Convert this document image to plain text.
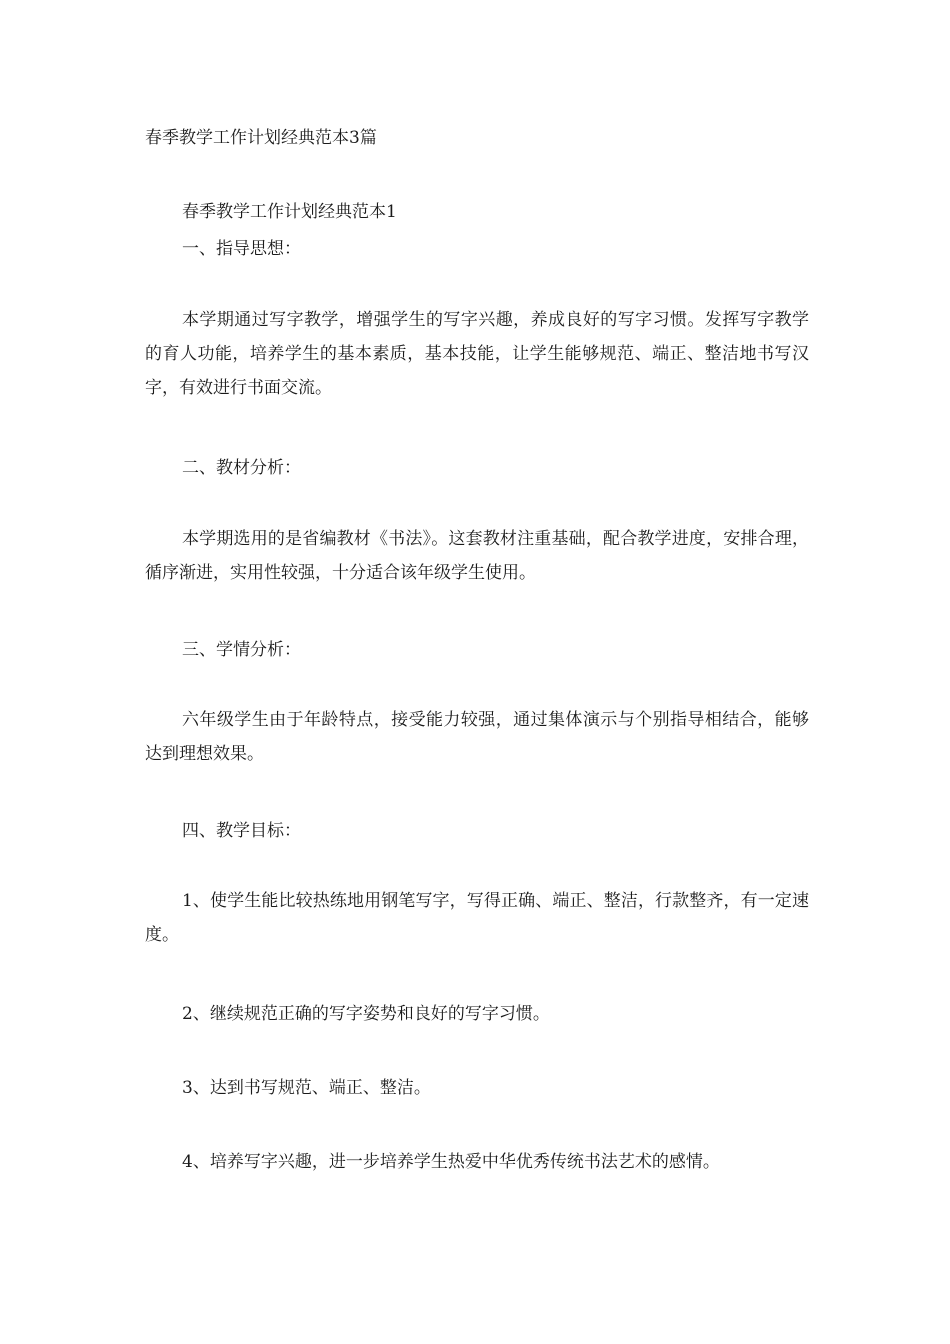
春季教学工作计划经典范本3篇

春季教学工作计划经典范本1

一、指导思想：

本学期通过写字教学，增强学生的写字兴趣，养成良好的写字习惯。发挥写字教学的育人功能，培养学生的基本素质，基本技能，让学生能够规范、端正、整洁地书写汉字，有效进行书面交流。

二、教材分析：

本学期选用的是省编教材《书法》。这套教材注重基础，配合教学进度，安排合理，循序渐进，实用性较强，十分适合该年级学生使用。

三、学情分析：

六年级学生由于年龄特点，接受能力较强，通过集体演示与个别指导相结合，能够达到理想效果。

四、教学目标：

1、使学生能比较热练地用钢笔写字，写得正确、端正、整洁，行款整齐，有一定速度。

2、继续规范正确的写字姿势和良好的写字习惯。

3、达到书写规范、端正、整洁。

4、培养写字兴趣，进一步培养学生热爱中华优秀传统书法艺术的感情。
